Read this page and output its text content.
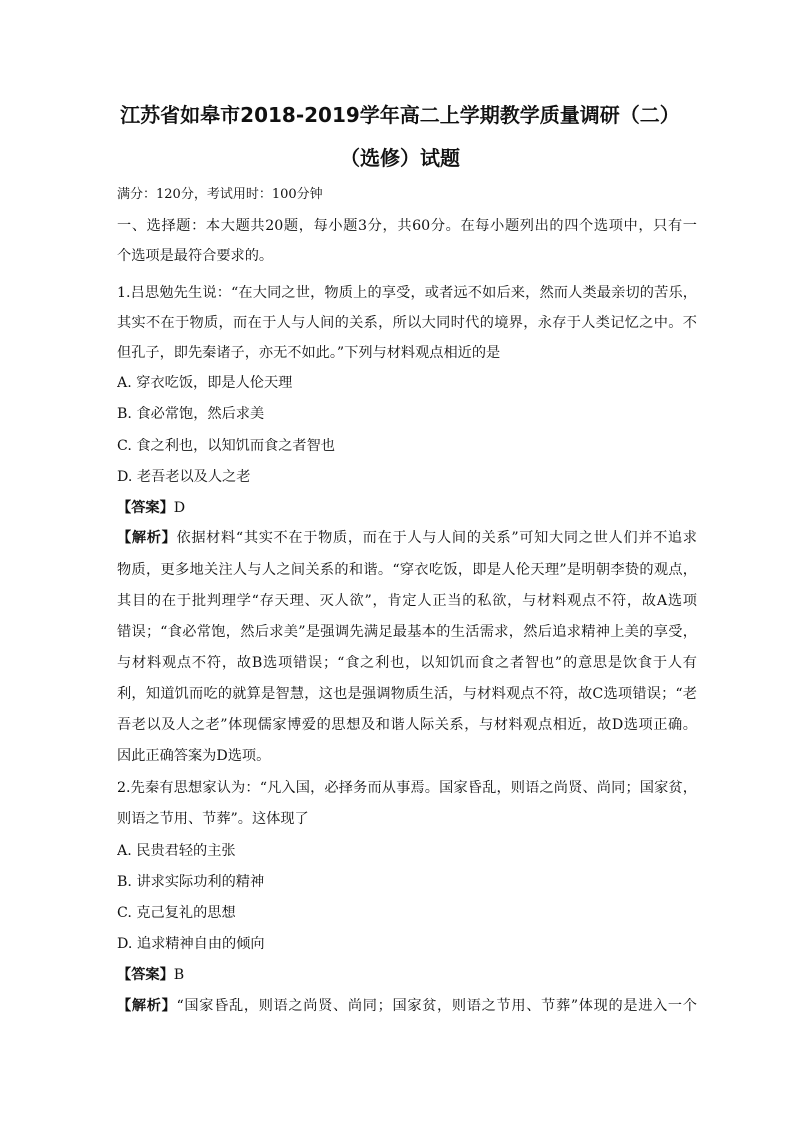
江苏省如皋市2018-2019学年高二上学期教学质量调研（二）
（选修）试题
满分：120分，考试用时：100分钟
一、选择题：本大题共20题，每小题3分，共60分。在每小题列出的四个选项中，只有一
个选项是最符合要求的。
1.吕思勉先生说：“在大同之世，物质上的享受，或者远不如后来，然而人类最亲切的苦乐，
其实不在于物质，而在于人与人间的关系，所以大同时代的境界，永存于人类记忆之中。不
但孔子，即先秦诸子，亦无不如此。”下列与材料观点相近的是
A. 穿衣吃饭，即是人伦天理
B. 食必常饱，然后求美
C. 食之利也，以知饥而食之者智也
D. 老吾老以及人之老
【答案】D
【解析】依据材料“其实不在于物质，而在于人与人间的关系”可知大同之世人们并不追求
物质，更多地关注人与人之间关系的和谐。“穿衣吃饭，即是人伦天理”是明朝李贽的观点，
其目的在于批判理学“存天理、灭人欲”，肯定人正当的私欲，与材料观点不符，故A选项
错误；“食必常饱，然后求美”是强调先满足最基本的生活需求，然后追求精神上美的享受，
与材料观点不符，故B选项错误；“食之利也，以知饥而食之者智也”的意思是饮食于人有
利，知道饥而吃的就算是智慧，这也是强调物质生活，与材料观点不符，故C选项错误；“老
吾老以及人之老”体现儒家博爱的思想及和谐人际关系，与材料观点相近，故D选项正确。
因此正确答案为D选项。
2.先秦有思想家认为：“凡入国，必择务而从事焉。国家昏乱，则语之尚贤、尚同；国家贫，
则语之节用、节葬”。这体现了
A. 民贵君轻的主张
B. 讲求实际功利的精神
C. 克己复礼的思想
D. 追求精神自由的倾向
【答案】B
【解析】“国家昏乱，则语之尚贤、尚同；国家贫，则语之节用、节葬”体现的是进入一个
